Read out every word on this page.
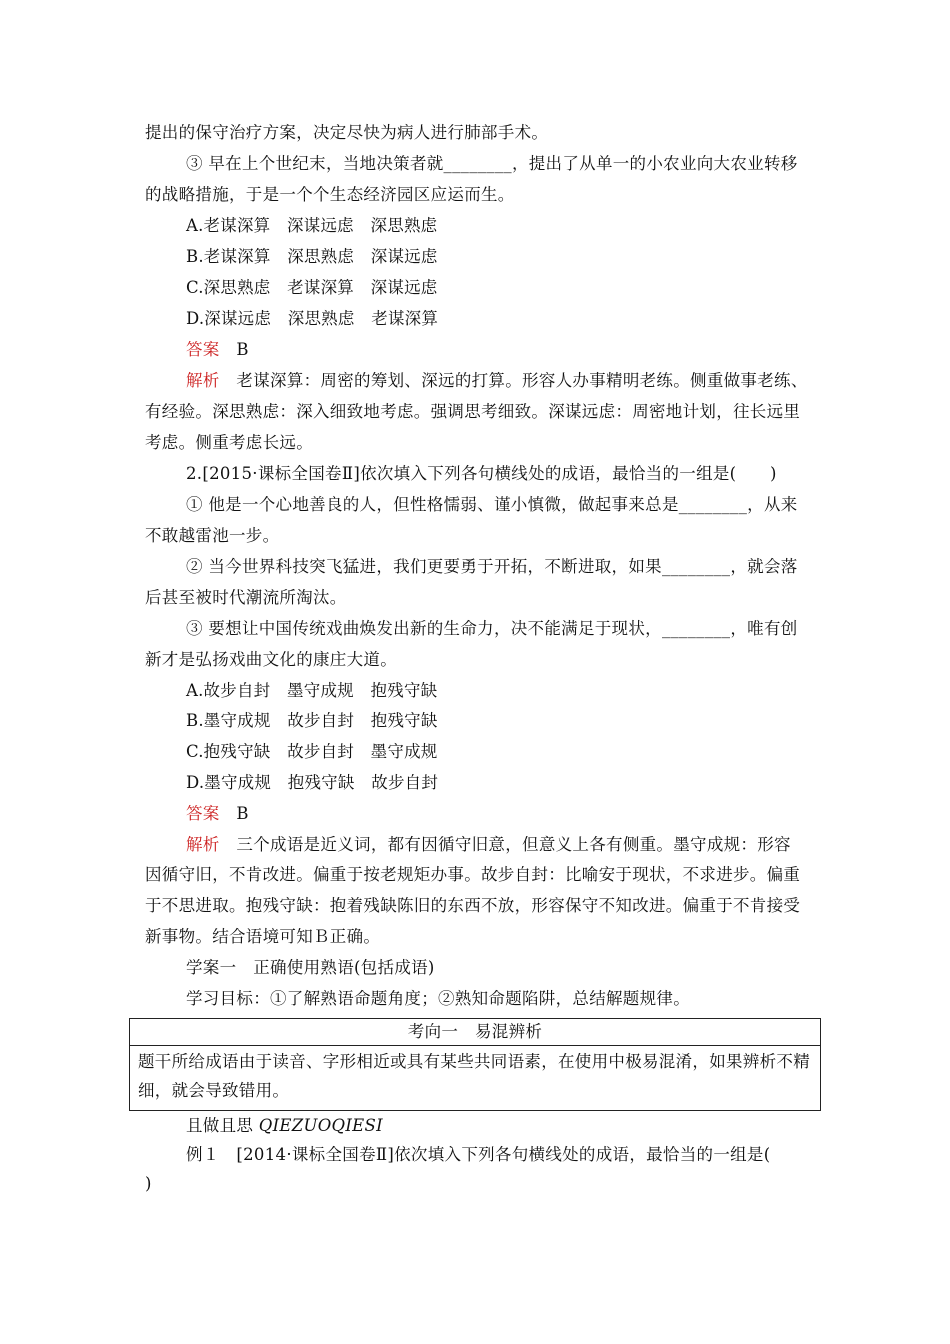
提出的保守治疗方案，决定尽快为病人进行肺部手术。
③ 早在上个世纪末，当地决策者就________，提出了从单一的小农业向大农业转移
的战略措施，于是一个个生态经济园区应运而生。
A.老谋深算　深谋远虑　深思熟虑
B.老谋深算　深思熟虑　深谋远虑
C.深思熟虑　老谋深算　深谋远虑
D.深谋远虑　深思熟虑　老谋深算
答案　 B
解析　 老谋深算：周密的筹划、深远的打算。形容人办事精明老练。侧重做事老练、
有经验。深思熟虑：深入细致地考虑。强调思考细致。深谋远虑：周密地计划，往长远里
考虑。侧重考虑长远。
2.[2015·课标全国卷Ⅱ]依次填入下列各句横线处的成语，最恰当的一组是(　　)
① 他是一个心地善良的人，但性格懦弱、谨小慎微，做起事来总是________，从来
不敢越雷池一步。
② 当今世界科技突飞猛进，我们更要勇于开拓，不断进取，如果________，就会落
后甚至被时代潮流所淘汰。
③ 要想让中国传统戏曲焕发出新的生命力，决不能满足于现状，________，唯有创
新才是弘扬戏曲文化的康庄大道。
A.故步自封　墨守成规　抱残守缺
B.墨守成规　故步自封　抱残守缺
C.抱残守缺　故步自封　墨守成规
D.墨守成规　抱残守缺　故步自封
答案　 B
解析　 三个成语是近义词，都有因循守旧意，但意义上各有侧重。墨守成规：形容
因循守旧，不肯改进。偏重于按老规矩办事。故步自封：比喻安于现状，不求进步。偏重
于不思进取。抱残守缺：抱着残缺陈旧的东西不放，形容保守不知改进。偏重于不肯接受
新事物。结合语境可知Ｂ正确。
学案一　正确使用熟语(包括成语)
学习目标：①了解熟语命题角度；②熟知命题陷阱，总结解题规律。
考向一　易混辨析
题干所给成语由于读音、字形相近或具有某些共同语素，在使用中极易混淆，如果辨析不精
细，就会导致错用。
且做且思 QIEZUOQIESI
例１　[2014·课标全国卷Ⅱ]依次填入下列各句横线处的成语，最恰当的一组是(
)
